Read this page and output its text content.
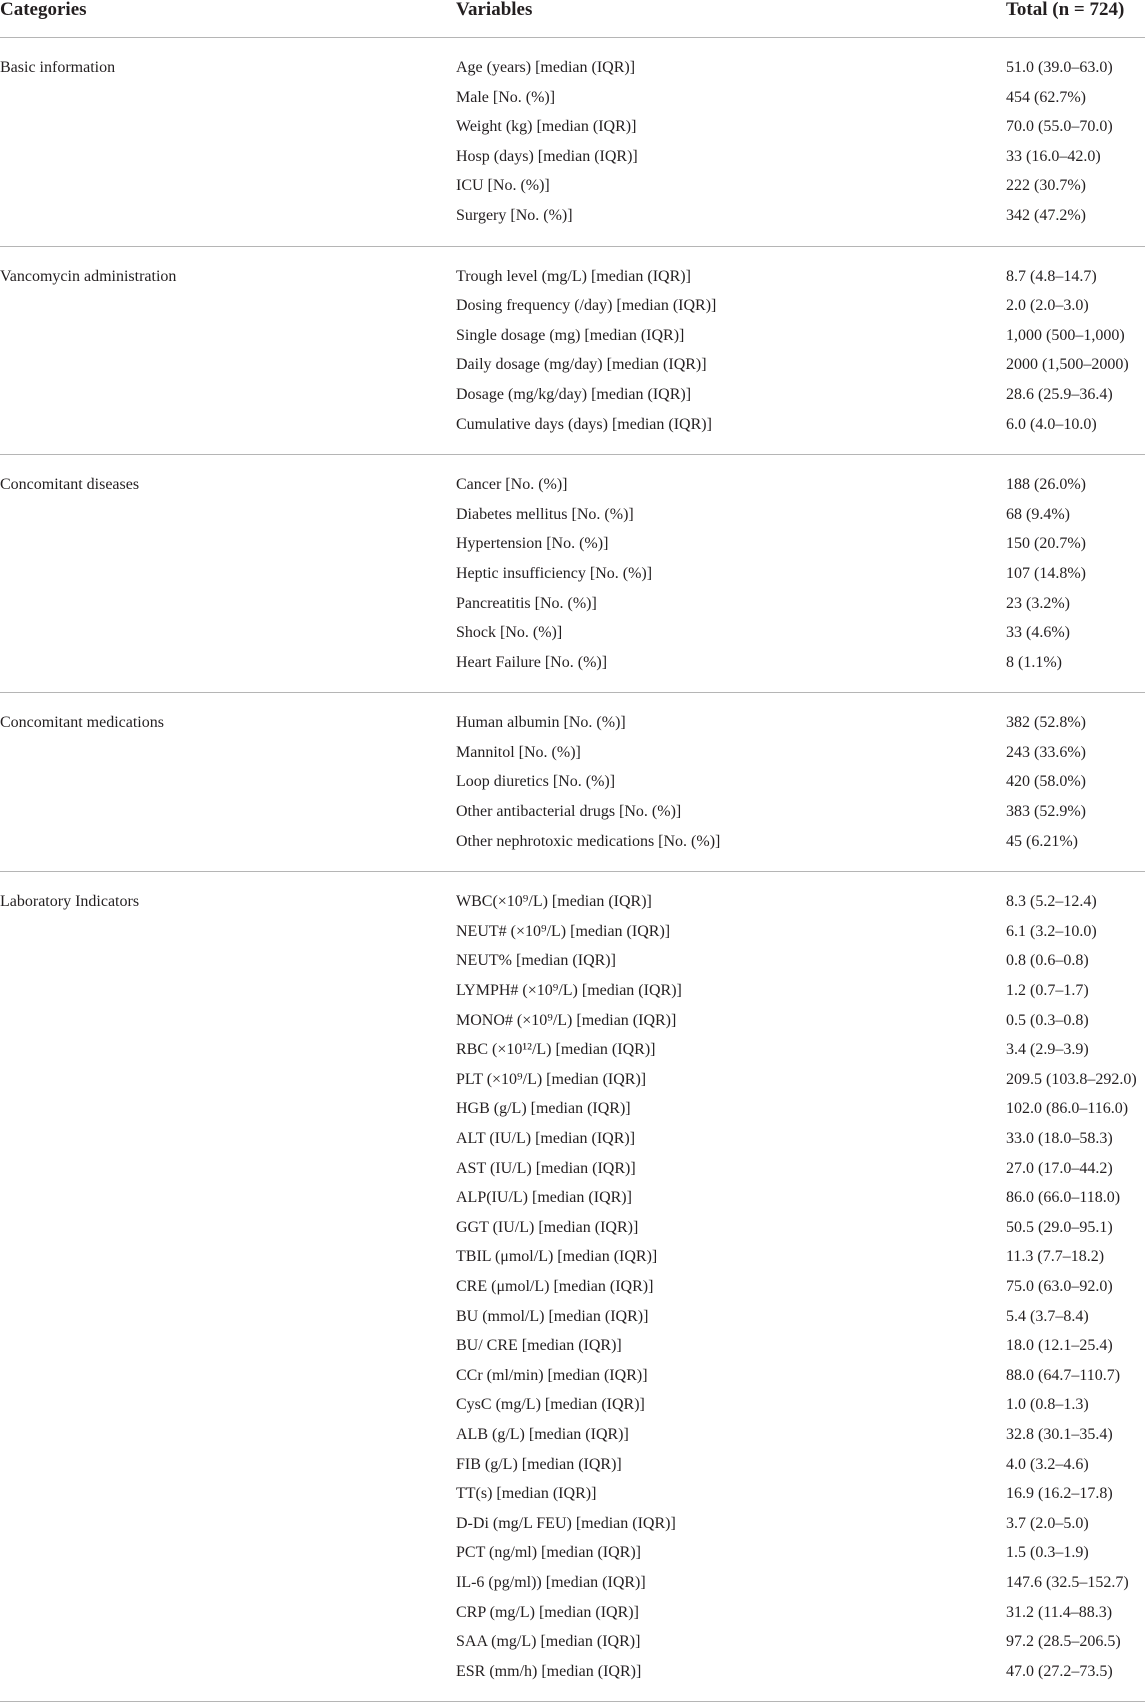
Categories	Variables	Total (n = 724)
Basic information	Age (years) [median (IQR)]	51.0 (39.0–63.0)
Male [No. (%)]	454 (62.7%)
Weight (kg) [median (IQR)]	70.0 (55.0–70.0)
Hosp (days) [median (IQR)]	33 (16.0–42.0)
ICU [No. (%)]	222 (30.7%)
Surgery [No. (%)]	342 (47.2%)
Vancomycin administration	Trough level (mg/L) [median (IQR)]	8.7 (4.8–14.7)
Dosing frequency (/day) [median (IQR)]	2.0 (2.0–3.0)
Single dosage (mg) [median (IQR)]	1,000 (500–1,000)
Daily dosage (mg/day) [median (IQR)]	2000 (1,500–2000)
Dosage (mg/kg/day) [median (IQR)]	28.6 (25.9–36.4)
Cumulative days (days) [median (IQR)]	6.0 (4.0–10.0)
Concomitant diseases	Cancer [No. (%)]	188 (26.0%)
Diabetes mellitus [No. (%)]	68 (9.4%)
Hypertension [No. (%)]	150 (20.7%)
Heptic insufficiency [No. (%)]	107 (14.8%)
Pancreatitis [No. (%)]	23 (3.2%)
Shock [No. (%)]	33 (4.6%)
Heart Failure [No. (%)]	8 (1.1%)
Concomitant medications	Human albumin [No. (%)]	382 (52.8%)
Mannitol [No. (%)]	243 (33.6%)
Loop diuretics [No. (%)]	420 (58.0%)
Other antibacterial drugs [No. (%)]	383 (52.9%)
Other nephrotoxic medications [No. (%)]	45 (6.21%)
Laboratory Indicators	WBC(×10⁹/L) [median (IQR)]	8.3 (5.2–12.4)
NEUT# (×10⁹/L) [median (IQR)]	6.1 (3.2–10.0)
NEUT% [median (IQR)]	0.8 (0.6–0.8)
LYMPH# (×10⁹/L) [median (IQR)]	1.2 (0.7–1.7)
MONO# (×10⁹/L) [median (IQR)]	0.5 (0.3–0.8)
RBC (×10¹²/L) [median (IQR)]	3.4 (2.9–3.9)
PLT (×10⁹/L) [median (IQR)]	209.5 (103.8–292.0)
HGB (g/L) [median (IQR)]	102.0 (86.0–116.0)
ALT (IU/L) [median (IQR)]	33.0 (18.0–58.3)
AST (IU/L) [median (IQR)]	27.0 (17.0–44.2)
ALP(IU/L) [median (IQR)]	86.0 (66.0–118.0)
GGT (IU/L) [median (IQR)]	50.5 (29.0–95.1)
TBIL (μmol/L) [median (IQR)]	11.3 (7.7–18.2)
CRE (μmol/L) [median (IQR)]	75.0 (63.0–92.0)
BU (mmol/L) [median (IQR)]	5.4 (3.7–8.4)
BU/ CRE [median (IQR)]	18.0 (12.1–25.4)
CCr (ml/min) [median (IQR)]	88.0 (64.7–110.7)
CysC (mg/L) [median (IQR)]	1.0 (0.8–1.3)
ALB (g/L) [median (IQR)]	32.8 (30.1–35.4)
FIB (g/L) [median (IQR)]	4.0 (3.2–4.6)
TT(s) [median (IQR)]	16.9 (16.2–17.8)
D-Di (mg/L FEU) [median (IQR)]	3.7 (2.0–5.0)
PCT (ng/ml) [median (IQR)]	1.5 (0.3–1.9)
IL-6 (pg/ml)) [median (IQR)]	147.6 (32.5–152.7)
CRP (mg/L) [median (IQR)]	31.2 (11.4–88.3)
SAA (mg/L) [median (IQR)]	97.2 (28.5–206.5)
ESR (mm/h) [median (IQR)]	47.0 (27.2–73.5)
